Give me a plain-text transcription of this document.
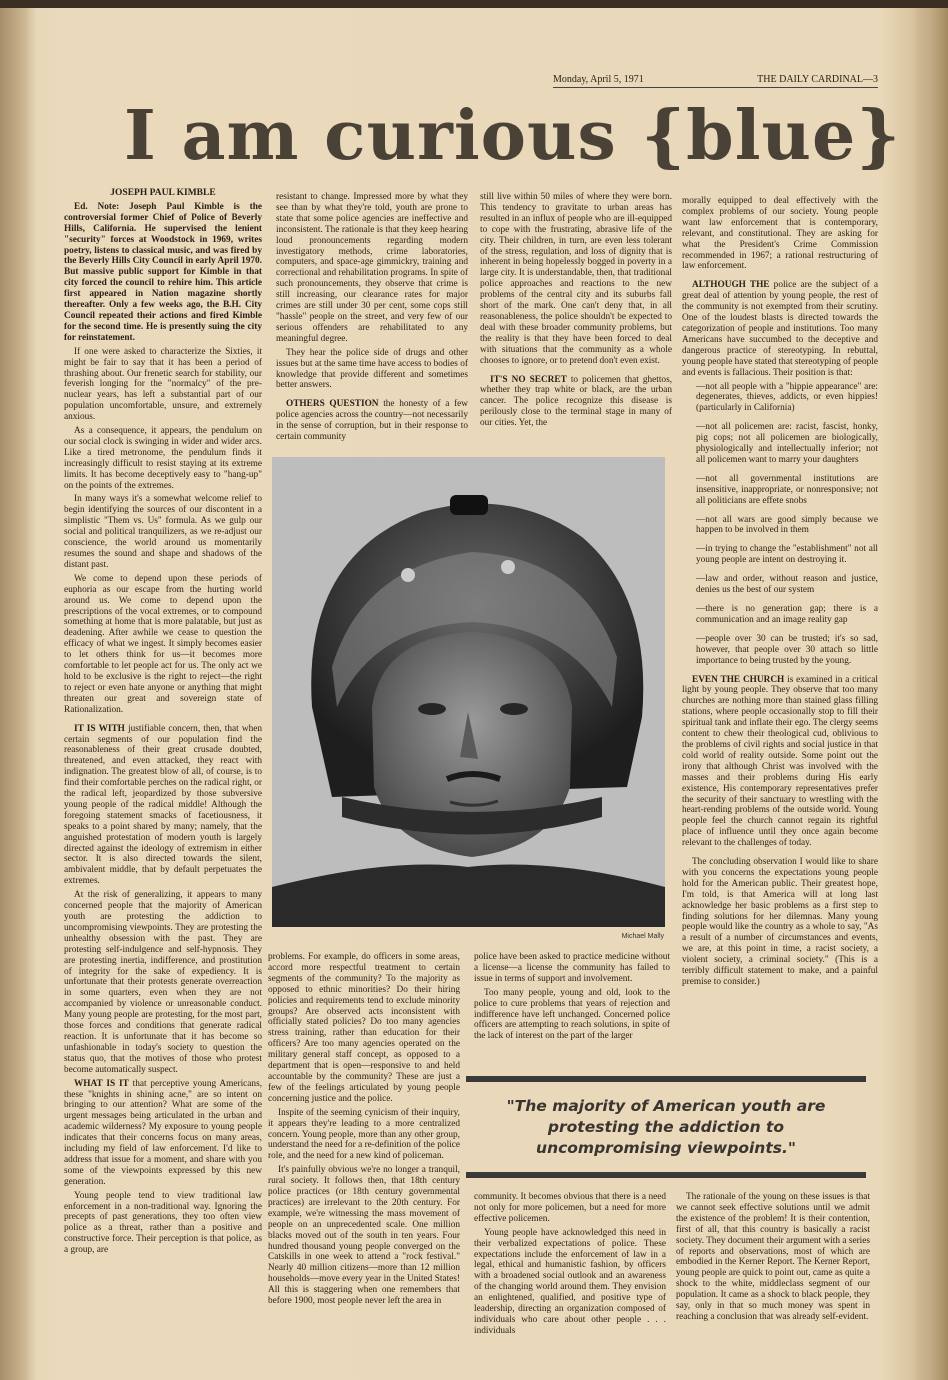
Monday, April 5, 1971	THE DAILY CARDINAL—3
I am curious {blue}

JOSEPH PAUL KIMBLE

Ed. Note: Joseph Paul Kimble is the controversial former Chief of Police of Beverly Hills, California. He supervised the lenient "security" forces at Woodstock in 1969, writes poetry, listens to classical music, and was fired by the Beverly Hills City Council in early April 1970. But massive public support for Kimble in that city forced the council to rehire him. This article first appeared in Nation magazine shortly thereafter. Only a few weeks ago, the B.H. City Council repeated their actions and fired Kimble for the second time. He is presently suing the city for reinstatement.

If one were asked to characterize the Sixties, it might be fair to say that it has been a period of thrashing about. Our frenetic search for stability, our feverish longing for the "normalcy" of the pre-nuclear years, has left a substantial part of our population uncomfortable, unsure, and extremely anxious.

As a consequence, it appears, the pendulum on our social clock is swinging in wider and wider arcs. Like a tired metronome, the pendulum finds it increasingly difficult to resist staying at its extreme limits. It has become deceptively easy to "hang-up" on the points of the extremes.

In many ways it's a somewhat welcome relief to begin identifying the sources of our discontent in a simplistic "Them vs. Us" formula. As we gulp our social and political tranquilizers, as we re-adjust our conscience, the world around us momentarily resumes the sound and shape and shadows of the distant past.

We come to depend upon these periods of euphoria as our escape from the hurting world around us. We come to depend upon the prescriptions of the vocal extremes, or to compound something at home that is more palatable, but just as deadening. After awhile we cease to question the efficacy of what we ingest. It simply becomes easier to let others think for us—it becomes more comfortable to let people act for us. The only act we hold to be exclusive is the right to reject—the right to reject or even hate anyone or anything that might threaten our great and sovereign state of Rationalization.

IT IS WITH justifiable concern, then, that when certain segments of our population find the reasonableness of their great crusade doubted, threatened, and even attacked, they react with indignation. The greatest blow of all, of course, is to find their comfortable perches on the radical right, or the radical left, jeopardized by those subversive young people of the radical middle! Although the foregoing statement smacks of facetiousness, it speaks to a point shared by many; namely, that the anguished protestation of modern youth is largely directed against the ideology of extremism in either sector. It is also directed towards the silent, ambivalent middle, that by default perpetuates the extremes.

At the risk of generalizing, it appears to many concerned people that the majority of American youth are protesting the addiction to uncompromising viewpoints. They are protesting the unhealthy obsession with the past. They are protesting self-indulgence and self-hypnosis. They are protesting inertia, indifference, and prostitution of integrity for the sake of expediency. It is unfortunate that their protests generate overreaction in some quarters, even when they are not accompanied by violence or unreasonable conduct. Many young people are protesting, for the most part, those forces and conditions that generate radical reaction. It is unfortunate that it has become so unfashionable in today's society to question the status quo, that the motives of those who protest become automatically suspect.

WHAT IS IT that perceptive young Americans, these "knights in shining acne," are so intent on bringing to our attention? What are some of the urgent messages being articulated in the urban and academic wilderness? My exposure to young people indicates that their concerns focus on many areas, including my field of law enforcement. I'd like to address that issue for a moment, and share with you some of the viewpoints expressed by this new generation.

Young people tend to view traditional law enforcement in a non-traditional way. Ignoring the precepts of past generations, they too often view police as a threat, rather than a positive and constructive force. Their perception is that police, as a group, are

resistant to change. Impressed more by what they see than by what they're told, youth are prone to state that some police agencies are ineffective and inconsistent. The rationale is that they keep hearing loud pronouncements regarding modern investigatory methods, crime laboratories, computers, and space-age gimmickry, training and correctional and rehabilitation programs. In spite of such pronouncements, they observe that crime is still increasing, our clearance rates for major crimes are still under 30 per cent, some cops still "hassle" people on the street, and very few of our serious offenders are rehabilitated to any meaningful degree.

They hear the police side of drugs and other issues but at the same time have access to bodies of knowledge that provide different and sometimes better answers.

OTHERS QUESTION the honesty of a few police agencies across the country—not necessarily in the sense of corruption, but in their response to certain community

still live within 50 miles of where they were born. This tendency to gravitate to urban areas has resulted in an influx of people who are ill-equipped to cope with the frustrating, abrasive life of the city. Their children, in turn, are even less tolerant of the stress, regulation, and loss of dignity that is inherent in being hopelessly bogged in poverty in a large city. It is understandable, then, that traditional police approaches and reactions to the new problems of the central city and its suburbs fall short of the mark. One can't deny that, in all reasonableness, the police shouldn't be expected to deal with these broader community problems, but the reality is that they have been forced to deal with situations that the community as a whole chooses to ignore, or to pretend don't even exist.

IT'S NO SECRET to policemen that ghettos, whether they trap white or black, are the urban cancer. The police recognize this disease is perilously close to the terminal stage in many of our cities. Yet, the

morally equipped to deal effectively with the complex problems of our society. Young people want law enforcement that is contemporary, relevant, and constitutional. They are asking for what the President's Crime Commission recommended in 1967; a rational restructuring of law enforcement.

ALTHOUGH THE police are the subject of a great deal of attention by young people, the rest of the community is not exempted from their scrutiny. One of the loudest blasts is directed towards the categorization of people and institutions. Too many Americans have succumbed to the deceptive and dangerous practice of stereotyping. In rebuttal, young people have stated that stereotyping of people and events is fallacious. Their position is that:

—not all people with a "hippie appearance" are: degenerates, thieves, addicts, or even hippies! (particularly in California)

—not all policemen are: racist, fascist, honky, pig cops; not all policemen are biologically, physiologically and intellectually inferior; not all policemen want to marry your daughters

—not all governmental institutions are insensitive, inappropriate, or nonresponsive; not all politicians are effete snobs

—not all wars are good simply because we happen to be involved in them

—in trying to change the "establishment" not all young people are intent on destroying it.

—law and order, without reason and justice, denies us the best of our system

—there is no generation gap; there is a communication and an image reality gap

—people over 30 can be trusted; it's so sad, however, that people over 30 attach so little importance to being trusted by the young.

EVEN THE CHURCH is examined in a critical light by young people. They observe that too many churches are nothing more than stained glass filling stations, where people occasionally stop to fill their spiritual tank and inflate their ego. The clergy seems content to chew their theological cud, oblivious to the problems of civil rights and social justice in that cold world of reality outside. Some point out the irony that although Christ was involved with the masses and their problems during His early existence, His contemporary representatives prefer the security of their sanctuary to wrestling with the heart-rending problems of the outside world. Young people feel the church cannot regain its rightful place of influence until they once again become relevant to the challenges of today.

The concluding observation I would like to share with you concerns the expectations young people hold for the American public. Their greatest hope, I'm told, is that America will at long last acknowledge her basic problems as a first step to finding solutions for her dilemnas. Many young people would like the country as a whole to say, "As a result of a number of circumstances and events, we are, at this point in time, a racist society, a violent society, a criminal society." (This is a terribly difficult statement to make, and a painful premise to consider.)

Michael Mally

problems. For example, do officers in some areas, accord more respectful treatment to certain segments of the community? To the majority as opposed to ethnic minorities? Do their hiring policies and requirements tend to exclude minority groups? Are observed acts inconsistent with officially stated policies? Do too many agencies stress training, rather than education for their officers? Are too many agencies operated on the military general staff concept, as opposed to a department that is open—responsive to and held accountable by the community? These are just a few of the feelings articulated by young people concerning justice and the police.

Inspite of the seeming cynicism of their inquiry, it appears they're leading to a more centralized concern. Young people, more than any other group, understand the need for a re-definition of the police role, and the need for a new kind of policeman.

It's painfully obvious we're no longer a tranquil, rural society. It follows then, that 18th century police practices (or 18th century governmental practices) are irrelevant to the 20th century. For example, we're witnessing the mass movement of people on an unprecedented scale. One million blacks moved out of the south in ten years. Four hundred thousand young people converged on the Catskills in one week to attend a "rock festival." Nearly 40 million citizens—more than 12 million households—move every year in the United States! All this is staggering when one remembers that before 1900, most people never left the area in

police have been asked to practice medicine without a license—a license the community has failed to issue in terms of support and involvement.

Too many people, young and old, look to the police to cure problems that years of rejection and indifference have left unchanged. Concerned police officers are attempting to reach solutions, in spite of the lack of interest on the part of the larger

"The majority of American youth are protesting the addiction to uncompromising viewpoints."

community. It becomes obvious that there is a need not only for more policemen, but a need for more effective policemen.

Young people have acknowledged this need in their verbalized expectations of police. These expectations include the enforcement of law in a legal, ethical and humanistic fashion, by officers with a broadened social outlook and an awareness of the changing world around them. They envision an enlightened, qualified, and positive type of leadership, directing an organization composed of individuals who care about other people . . . individuals

The rationale of the young on these issues is that we cannot seek effective solutions until we admit the existence of the problem! It is their contention, first of all, that this country is basically a racist society. They document their argument with a series of reports and observations, most of which are embodied in the Kerner Report. The Kerner Report, young people are quick to point out, came as quite a shock to the white, middleclass segment of our population. It came as a shock to black people, they say, only in that so much money was spent in reaching a conclusion that was already self-evident.
